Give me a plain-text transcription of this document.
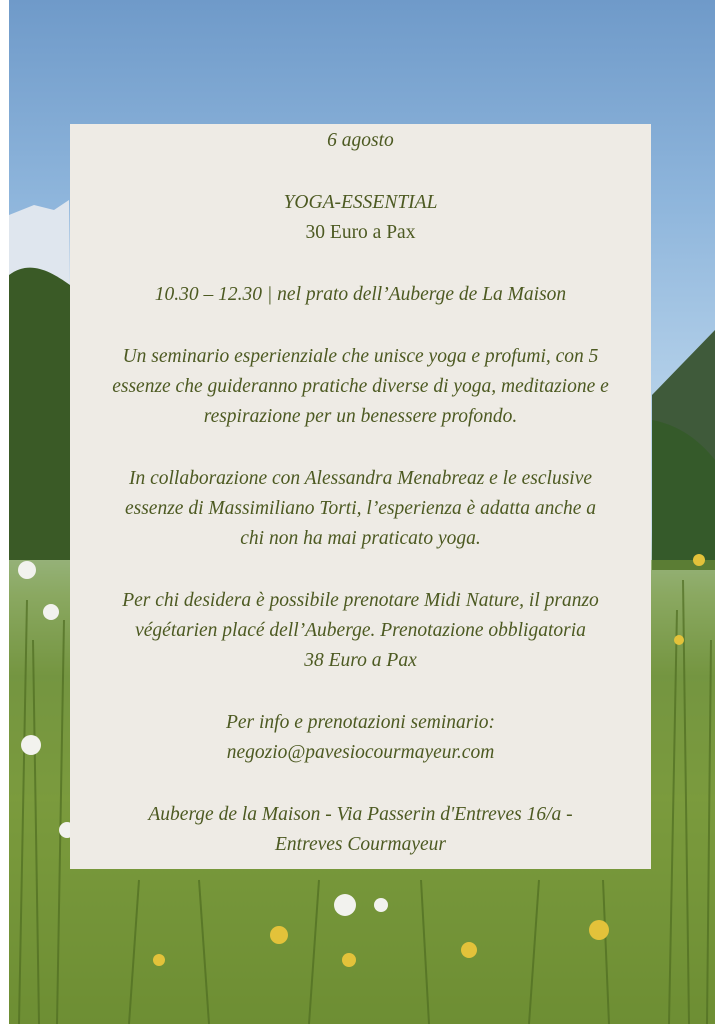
6 agosto
YOGA-ESSENTIAL
30 Euro a Pax
10.30 – 12.30 | nel prato dell’Auberge de La Maison
Un seminario esperienziale che unisce yoga e profumi, con 5
essenze che guideranno pratiche diverse di yoga, meditazione e
respirazione per un benessere profondo.
In collaborazione con Alessandra Menabreaz e le esclusive
essenze di Massimiliano Torti, l’esperienza è adatta anche a
chi non ha mai praticato yoga.
Per chi desidera è possibile prenotare Midi Nature, il pranzo
végétarien placé dell’Auberge. Prenotazione obbligatoria
38 Euro a Pax
Per info e prenotazioni seminario:
negozio@pavesiocourmayeur.com
Auberge de la Maison - Via Passerin d'Entreves 16/a -
Entreves Courmayeur
